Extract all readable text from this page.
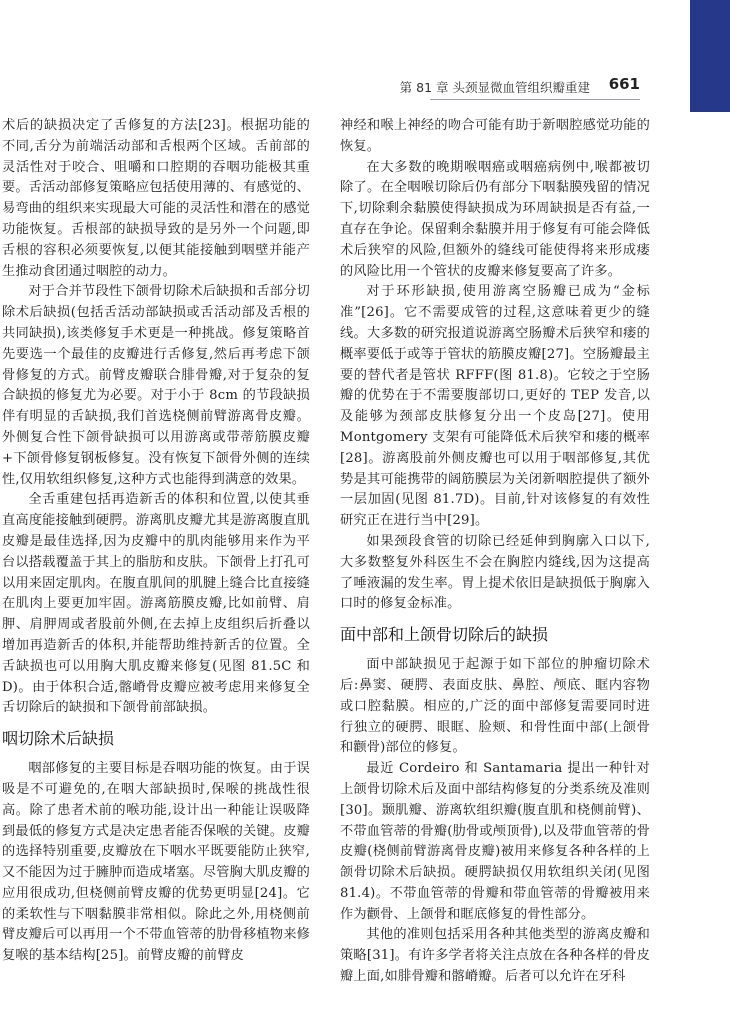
第 81 章 头颈显微血管组织瓣重建 661

术后的缺损决定了舌修复的方法[23]。根据功能的不同,舌分为前端活动部和舌根两个区域。舌前部的灵活性对于咬合、咀嚼和口腔期的吞咽功能极其重要。舌活动部修复策略应包括使用薄的、有感觉的、易弯曲的组织来实现最大可能的灵活性和潜在的感觉功能恢复。舌根部的缺损导致的是另外一个问题,即舌根的容积必须要恢复,以便其能接触到咽壁并能产生推动食团通过咽腔的动力。

对于合并节段性下颌骨切除术后缺损和舌部分切除术后缺损(包括舌活动部缺损或舌活动部及舌根的共同缺损),该类修复手术更是一种挑战。修复策略首先要选一个最佳的皮瓣进行舌修复,然后再考虑下颌骨修复的方式。前臂皮瓣联合腓骨瓣,对于复杂的复合缺损的修复尤为必要。对于小于 8cm 的节段缺损伴有明显的舌缺损,我们首选桡侧前臂游离骨皮瓣。外侧复合性下颌骨缺损可以用游离或带蒂筋膜皮瓣+下颌骨修复钢板修复。没有恢复下颌骨外侧的连续性,仅用软组织修复,这种方式也能得到满意的效果。

全舌重建包括再造新舌的体积和位置,以使其垂直高度能接触到硬腭。游离肌皮瓣尤其是游离腹直肌皮瓣是最佳选择,因为皮瓣中的肌肉能够用来作为平台以搭载覆盖于其上的脂肪和皮肤。下颌骨上打孔可以用来固定肌肉。在腹直肌间的肌腱上缝合比直接缝在肌肉上要更加牢固。游离筋膜皮瓣,比如前臂、肩胛、肩胛周或者股前外侧,在去掉上皮组织后折叠以增加再造新舌的体积,并能帮助维持新舌的位置。全舌缺损也可以用胸大肌皮瓣来修复(见图 81.5C 和 D)。由于体积合适,髂嵴骨皮瓣应被考虑用来修复全舌切除后的缺损和下颌骨前部缺损。

咽切除术后缺损

咽部修复的主要目标是吞咽功能的恢复。由于误吸是不可避免的,在咽大部缺损时,保喉的挑战性很高。除了患者术前的喉功能,设计出一种能让误吸降到最低的修复方式是决定患者能否保喉的关键。皮瓣的选择特别重要,皮瓣放在下咽水平既要能防止狭窄,又不能因为过于臃肿而造成堵塞。尽管胸大肌皮瓣的应用很成功,但桡侧前臂皮瓣的优势更明显[24]。它的柔软性与下咽黏膜非常相似。除此之外,用桡侧前臂皮瓣后可以再用一个不带血管蒂的肋骨移植物来修复喉的基本结构[25]。前臂皮瓣的前臂皮

神经和喉上神经的吻合可能有助于新咽腔感觉功能的恢复。

在大多数的晚期喉咽癌或咽癌病例中,喉都被切除了。在全咽喉切除后仍有部分下咽黏膜残留的情况下,切除剩余黏膜使得缺损成为环周缺损是否有益,一直存在争论。保留剩余黏膜并用于修复有可能会降低术后狭窄的风险,但额外的缝线可能使得将来形成瘘的风险比用一个管状的皮瓣来修复要高了许多。

对于环形缺损,使用游离空肠瓣已成为“金标准”[26]。它不需要成管的过程,这意味着更少的缝线。大多数的研究报道说游离空肠瓣术后狭窄和瘘的概率要低于或等于管状的筋膜皮瓣[27]。空肠瓣最主要的替代者是管状 RFFF(图 81.8)。它较之于空肠瓣的优势在于不需要腹部切口,更好的 TEP 发音,以及能够为颈部皮肤修复分出一个皮岛[27]。使用 Montgomery 支架有可能降低术后狭窄和瘘的概率[28]。游离股前外侧皮瓣也可以用于咽部修复,其优势是其可能携带的阔筋膜层为关闭新咽腔提供了额外一层加固(见图 81.7D)。目前,针对该修复的有效性研究正在进行当中[29]。

如果颈段食管的切除已经延伸到胸廓入口以下,大多数整复外科医生不会在胸腔内缝线,因为这提高了唾液漏的发生率。胃上提术依旧是缺损低于胸廓入口时的修复金标准。

面中部和上颌骨切除后的缺损

面中部缺损见于起源于如下部位的肿瘤切除术后:鼻窦、硬腭、表面皮肤、鼻腔、颅底、眶内容物或口腔黏膜。相应的,广泛的面中部修复需要同时进行独立的硬腭、眼眶、脸颊、和骨性面中部(上颌骨和颧骨)部位的修复。

最近 Cordeiro 和 Santamaria 提出一种针对上颌骨切除术后及面中部结构修复的分类系统及准则[30]。颞肌瓣、游离软组织瓣(腹直肌和桡侧前臂)、不带血管蒂的骨瓣(肋骨或颅顶骨),以及带血管蒂的骨皮瓣(桡侧前臂游离骨皮瓣)被用来修复各种各样的上颌骨切除术后缺损。硬腭缺损仅用软组织关闭(见图 81.4)。不带血管蒂的骨瓣和带血管蒂的骨瓣被用来作为颧骨、上颌骨和眶底修复的骨性部分。

其他的准则包括采用各种其他类型的游离皮瓣和策略[31]。有许多学者将关注点放在各种各样的骨皮瓣上面,如腓骨瓣和髂嵴瓣。后者可以允许在牙科
